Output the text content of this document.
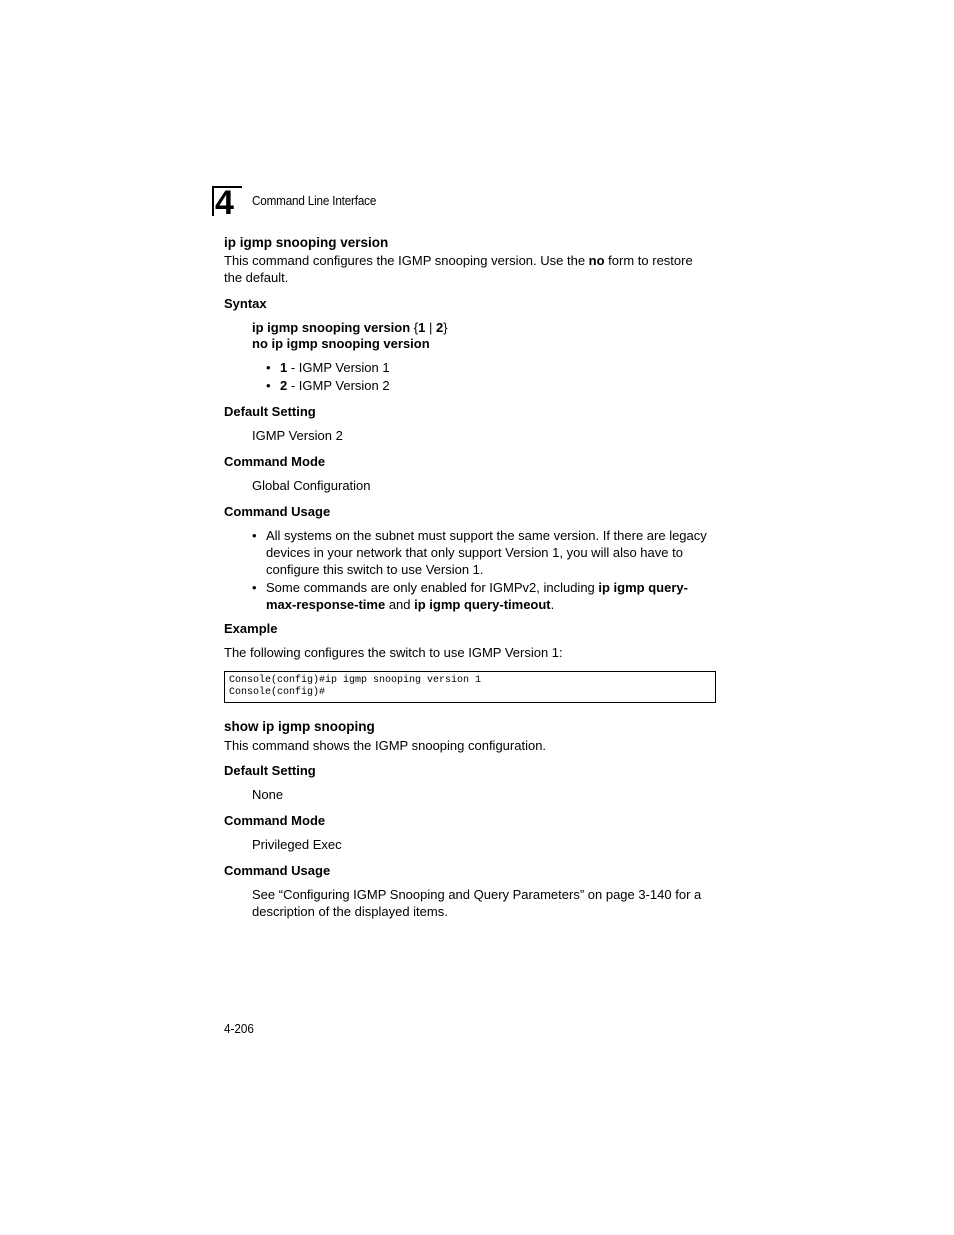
4	Command Line Interface
ip igmp snooping version
This command configures the IGMP snooping version. Use the no form to restore the default.
Syntax
ip igmp snooping version {1 | 2}
no ip igmp snooping version
• 1 - IGMP Version 1
• 2 - IGMP Version 2
Default Setting
IGMP Version 2
Command Mode
Global Configuration
Command Usage
• All systems on the subnet must support the same version. If there are legacy devices in your network that only support Version 1, you will also have to configure this switch to use Version 1.
• Some commands are only enabled for IGMPv2, including ip igmp query-max-response-time and ip igmp query-timeout.
Example
The following configures the switch to use IGMP Version 1:
Console(config)#ip igmp snooping version 1
Console(config)#
show ip igmp snooping
This command shows the IGMP snooping configuration.
Default Setting
None
Command Mode
Privileged Exec
Command Usage
See “Configuring IGMP Snooping and Query Parameters” on page 3-140 for a description of the displayed items.
4-206
